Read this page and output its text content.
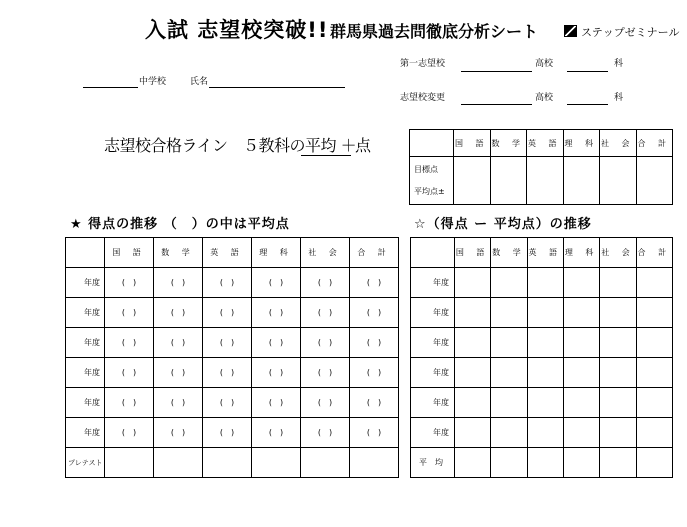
入試 志望校突破!! 群馬県過去問徹底分析シート	ステップゼミナール
中学校	氏名
第一志望校	高校	科
志望校変更	高校	科
志望校合格ライン　５教科の平均 ＋
点
		国 語	数 学	英 語	理 科	社 会	合 計

目標点
平均点±						

★ 得点の推移 （　）の中は平均点	☆（得点 ー 平均点）の推移
	国 語	数 学	英 語	理 科	社 会	合 計
年度	(　)	(　)	(　)	(　)	(　)	(　)
年度	(　)	(　)	(　)	(　)	(　)	(　)
年度	(　)	(　)	(　)	(　)	(　)	(　)
年度	(　)	(　)	(　)	(　)	(　)	(　)
年度	(　)	(　)	(　)	(　)	(　)	(　)
年度	(　)	(　)	(　)	(　)	(　)	(　)
プレテスト						
	国 語	数 学	英 語	理 科	社 会	合 計
年度						
年度						
年度						
年度						
年度						
年度						
平　均						
